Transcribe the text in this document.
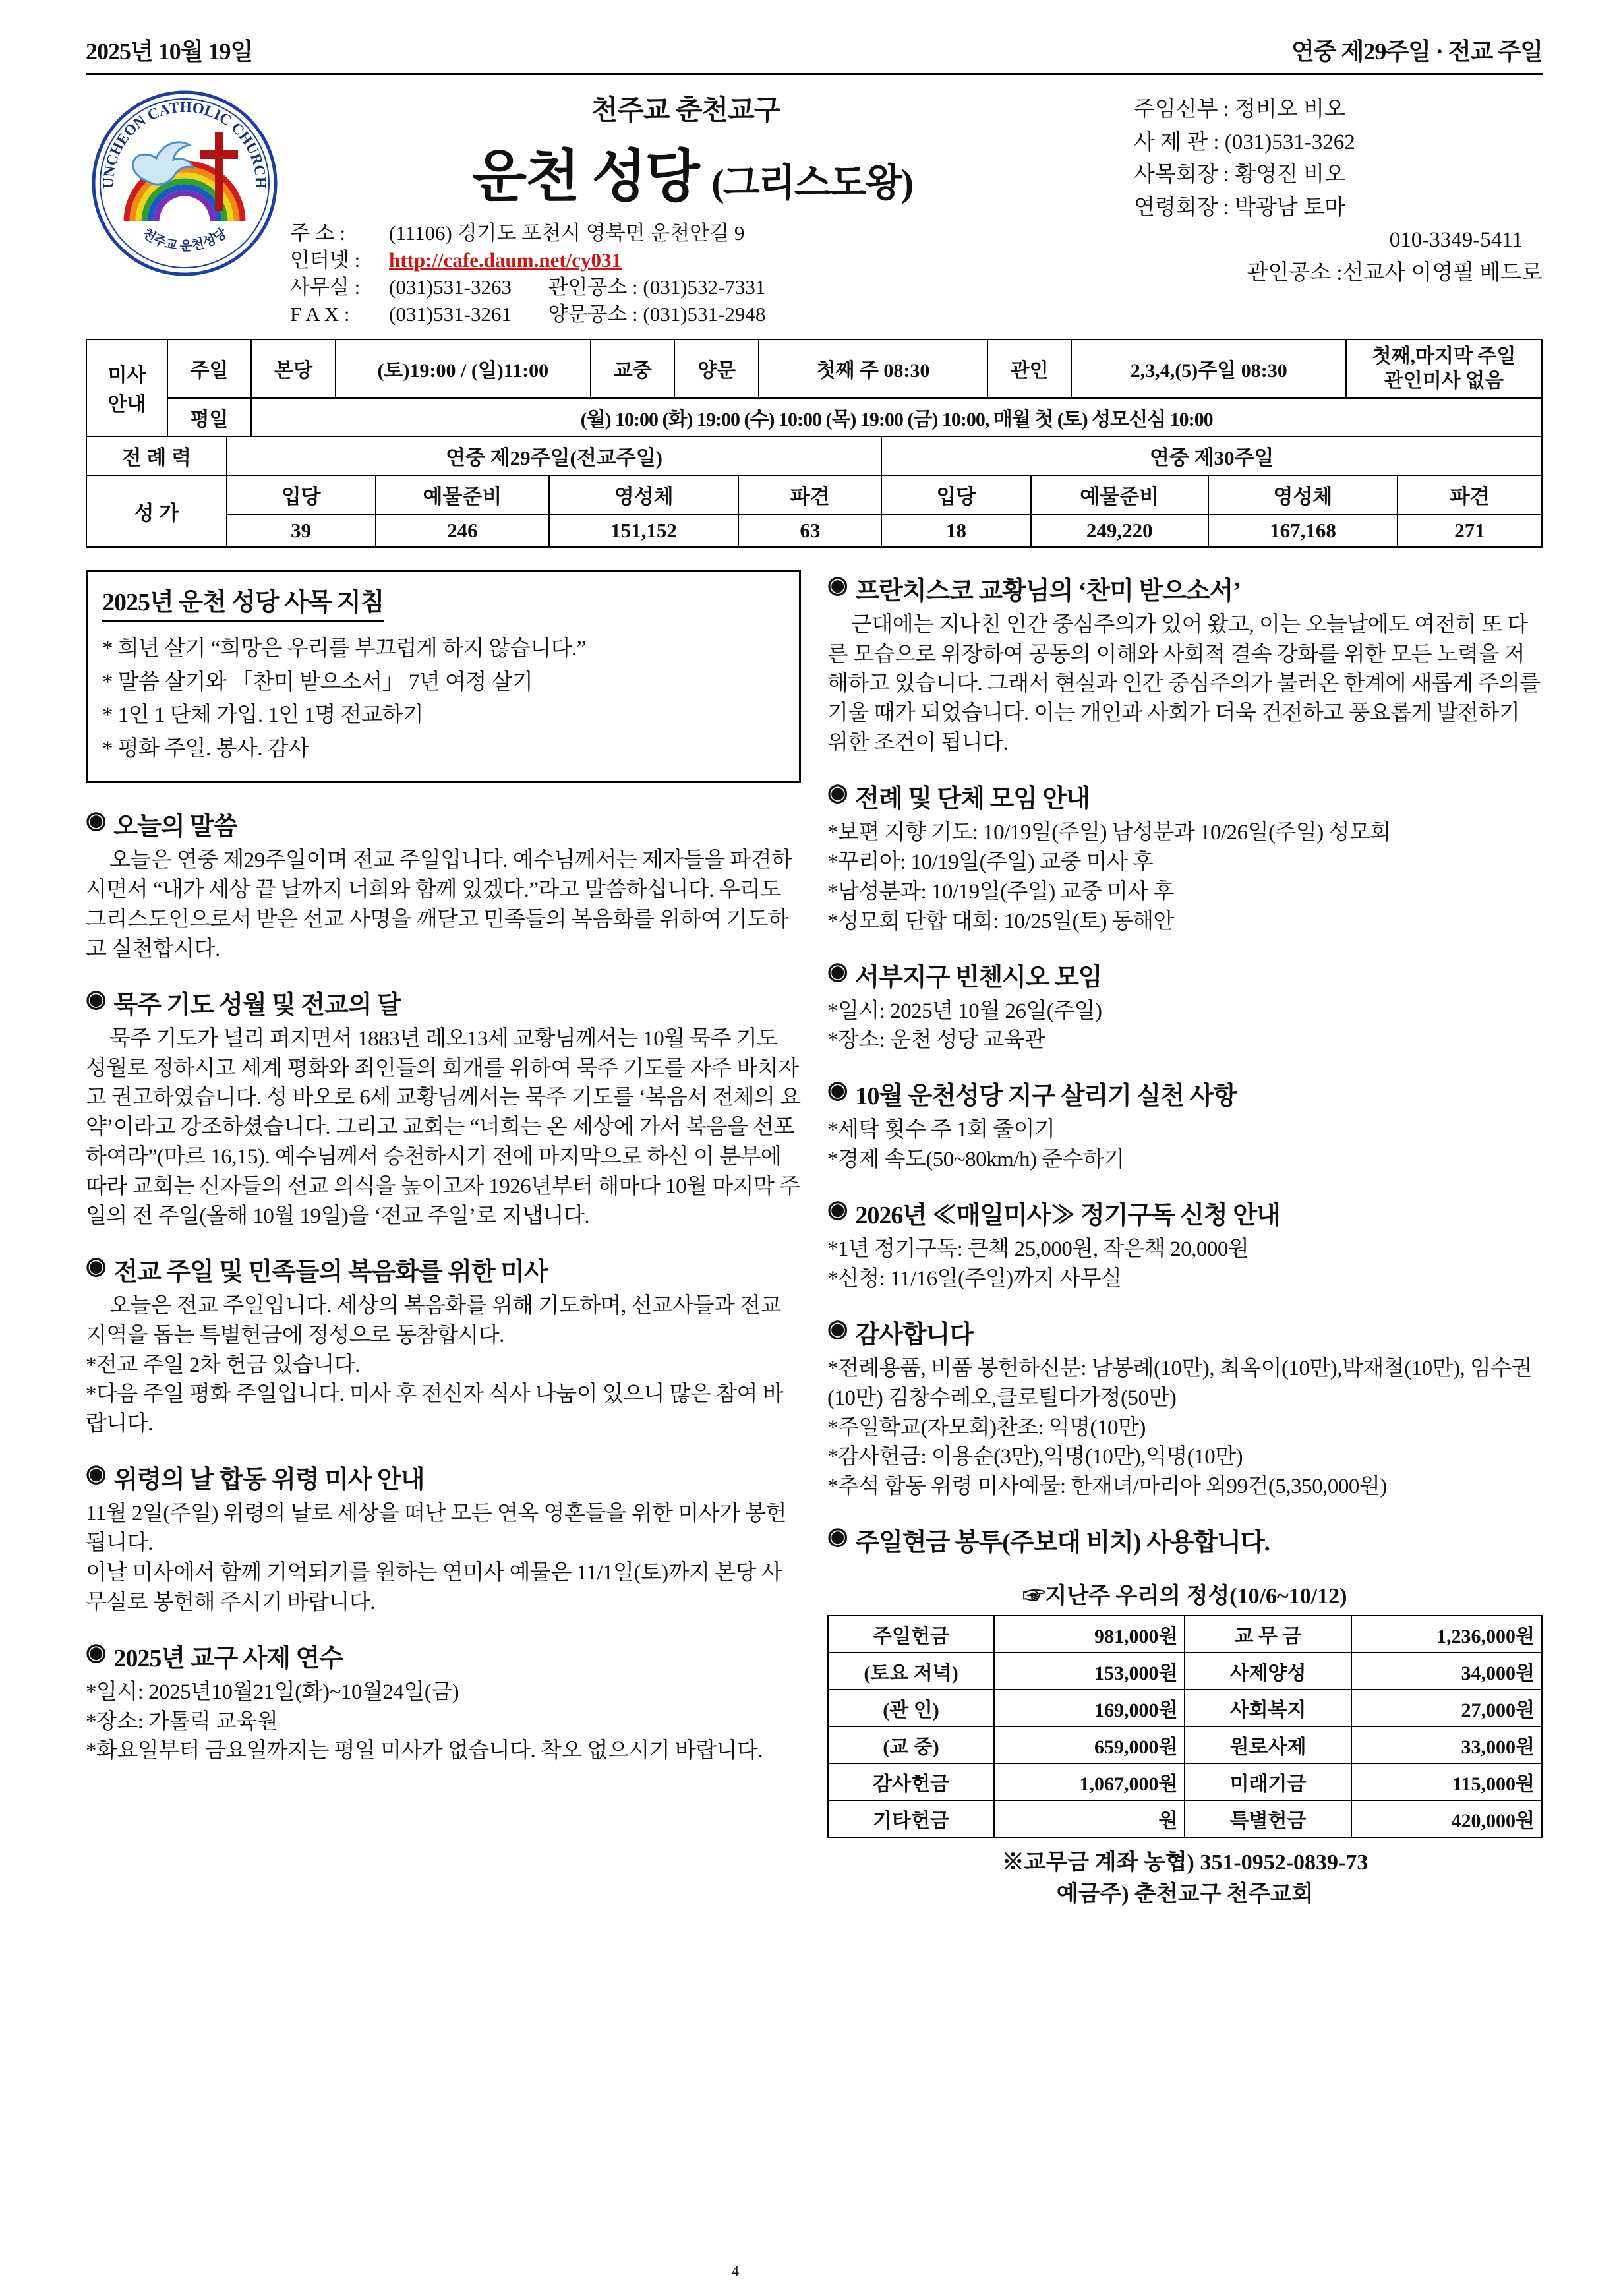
2025년 10월 19일	연중 제29주일 · 전교 주일
UNCHEON CATHOLIC CHURCH
천주교 운천성당
천주교 춘천교구
운천 성당 (그리스도왕)
주 소 : (11106) 경기도 포천시 영북면 운천안길 9
인터넷 : http://cafe.daum.net/cy031
사무실 : (031)531-3263 관인공소 : (031)532-7331
F A X : (031)531-3261 양문공소 : (031)531-2948
주임신부 : 정비오 비오
사 제 관 : (031)531-3262
사목회장 : 황영진 비오
연령회장 : 박광남 토마
010-3349-5411
관인공소 :선교사 이영필 베드로
미사
안내
	주일	본당	(토)19:00 / (일)11:00	교중	양문	첫째 주 08:30	관인	2,3,4,(5)주일 08:30	
첫째,마지막 주일
관인미사 없음

	평일	(월) 10:00 (화) 19:00 (수) 10:00 (목) 19:00 (금) 10:00, 매월 첫 (토) 성모신심 10:00							
전 례 력	연중 제29주일(전교주일)				연중 제30주일			
성 가	입당	예물준비	영성체	파견	입당	예물준비	영성체	파견
	39	246	151,152	63	18	249,220	167,168	271
2025년 운천 성당 사목 지침

* 희년 살기 “희망은 우리를 부끄럽게 하지 않습니다.”

* 말씀 살기와 「찬미 받으소서」 7년 여정 살기

* 1인 1 단체 가입. 1인 1명 전교하기

* 평화 주일. 봉사. 감사

◉ 오늘의 말씀

오늘은 연중 제29주일이며 전교 주일입니다. 예수님께서는 제자들을 파견하시면서 “내가 세상 끝 날까지 너희와 함께 있겠다.”라고 말씀하십니다. 우리도 그리스도인으로서 받은 선교 사명을 깨닫고 민족들의 복음화를 위하여 기도하고 실천합시다.

◉ 묵주 기도 성월 및 전교의 달

묵주 기도가 널리 퍼지면서 1883년 레오13세 교황님께서는 10월 묵주 기도 성월로 정하시고 세계 평화와 죄인들의 회개를 위하여 묵주 기도를 자주 바치자고 권고하였습니다. 성 바오로 6세 교황님께서는 묵주 기도를 ‘복음서 전체의 요약’이라고 강조하셨습니다. 그리고 교회는 “너희는 온 세상에 가서 복음을 선포하여라”(마르 16,15). 예수님께서 승천하시기 전에 마지막으로 하신 이 분부에 따라 교회는 신자들의 선교 의식을 높이고자 1926년부터 해마다 10월 마지막 주일의 전 주일(올해 10월 19일)을 ‘전교 주일’로 지냅니다.

◉ 전교 주일 및 민족들의 복음화를 위한 미사

오늘은 전교 주일입니다. 세상의 복음화를 위해 기도하며, 선교사들과 전교 지역을 돕는 특별헌금에 정성으로 동참합시다.

*전교 주일 2차 헌금 있습니다.

*다음 주일 평화 주일입니다. 미사 후 전신자 식사 나눔이 있으니 많은 참여 바랍니다.

◉ 위령의 날 합동 위령 미사 안내

11월 2일(주일) 위령의 날로 세상을 떠난 모든 연옥 영혼들을 위한 미사가 봉헌됩니다.

이날 미사에서 함께 기억되기를 원하는 연미사 예물은 11/1일(토)까지 본당 사무실로 봉헌해 주시기 바랍니다.

◉ 2025년 교구 사제 연수

*일시: 2025년10월21일(화)~10월24일(금)

*장소: 가톨릭 교육원

*화요일부터 금요일까지는 평일 미사가 없습니다. 착오 없으시기 바랍니다.

◉ 프란치스코 교황님의 ‘찬미 받으소서’

근대에는 지나친 인간 중심주의가 있어 왔고, 이는 오늘날에도 여전히 또 다른 모습으로 위장하여 공동의 이해와 사회적 결속 강화를 위한 모든 노력을 저해하고 있습니다. 그래서 현실과 인간 중심주의가 불러온 한계에 새롭게 주의를 기울 때가 되었습니다. 이는 개인과 사회가 더욱 건전하고 풍요롭게 발전하기 위한 조건이 됩니다.

◉ 전례 및 단체 모임 안내

*보편 지향 기도: 10/19일(주일) 남성분과 10/26일(주일) 성모회

*꾸리아: 10/19일(주일) 교중 미사 후

*남성분과: 10/19일(주일) 교중 미사 후

*성모회 단합 대회: 10/25일(토) 동해안

◉ 서부지구 빈첸시오 모임

*일시: 2025년 10월 26일(주일)

*장소: 운천 성당 교육관

◉ 10월 운천성당 지구 살리기 실천 사항

*세탁 횟수 주 1회 줄이기

*경제 속도(50~80km/h) 준수하기

◉ 2026년 ≪매일미사≫ 정기구독 신청 안내

*1년 정기구독: 큰책 25,000원, 작은책 20,000원

*신청: 11/16일(주일)까지 사무실

◉ 감사합니다

*전례용품, 비품 봉헌하신분: 남봉례(10만), 최옥이(10만),박재철(10만), 임수권(10만) 김창수레오,클로틸다가정(50만)

*주일학교(자모회)찬조: 익명(10만)

*감사헌금: 이용순(3만),익명(10만),익명(10만)

*추석 합동 위령 미사예물: 한재녀/마리아 외99건(5,350,000원)

◉ 주일현금 봉투(주보대 비치) 사용합니다.
☞지난주 우리의 정성(10/6~10/12)
주일헌금	981,000원	교 무 금	1,236,000원
(토요 저녁)	153,000원	사제양성	34,000원
(관 인)	169,000원	사회복지	27,000원
(교 중)	659,000원	원로사제	33,000원
감사헌금	1,067,000원	미래기금	115,000원
기타헌금	원	특별헌금	420,000원
※교무금 계좌 농협) 351-0952-0839-73
예금주) 춘천교구 천주교회
4
